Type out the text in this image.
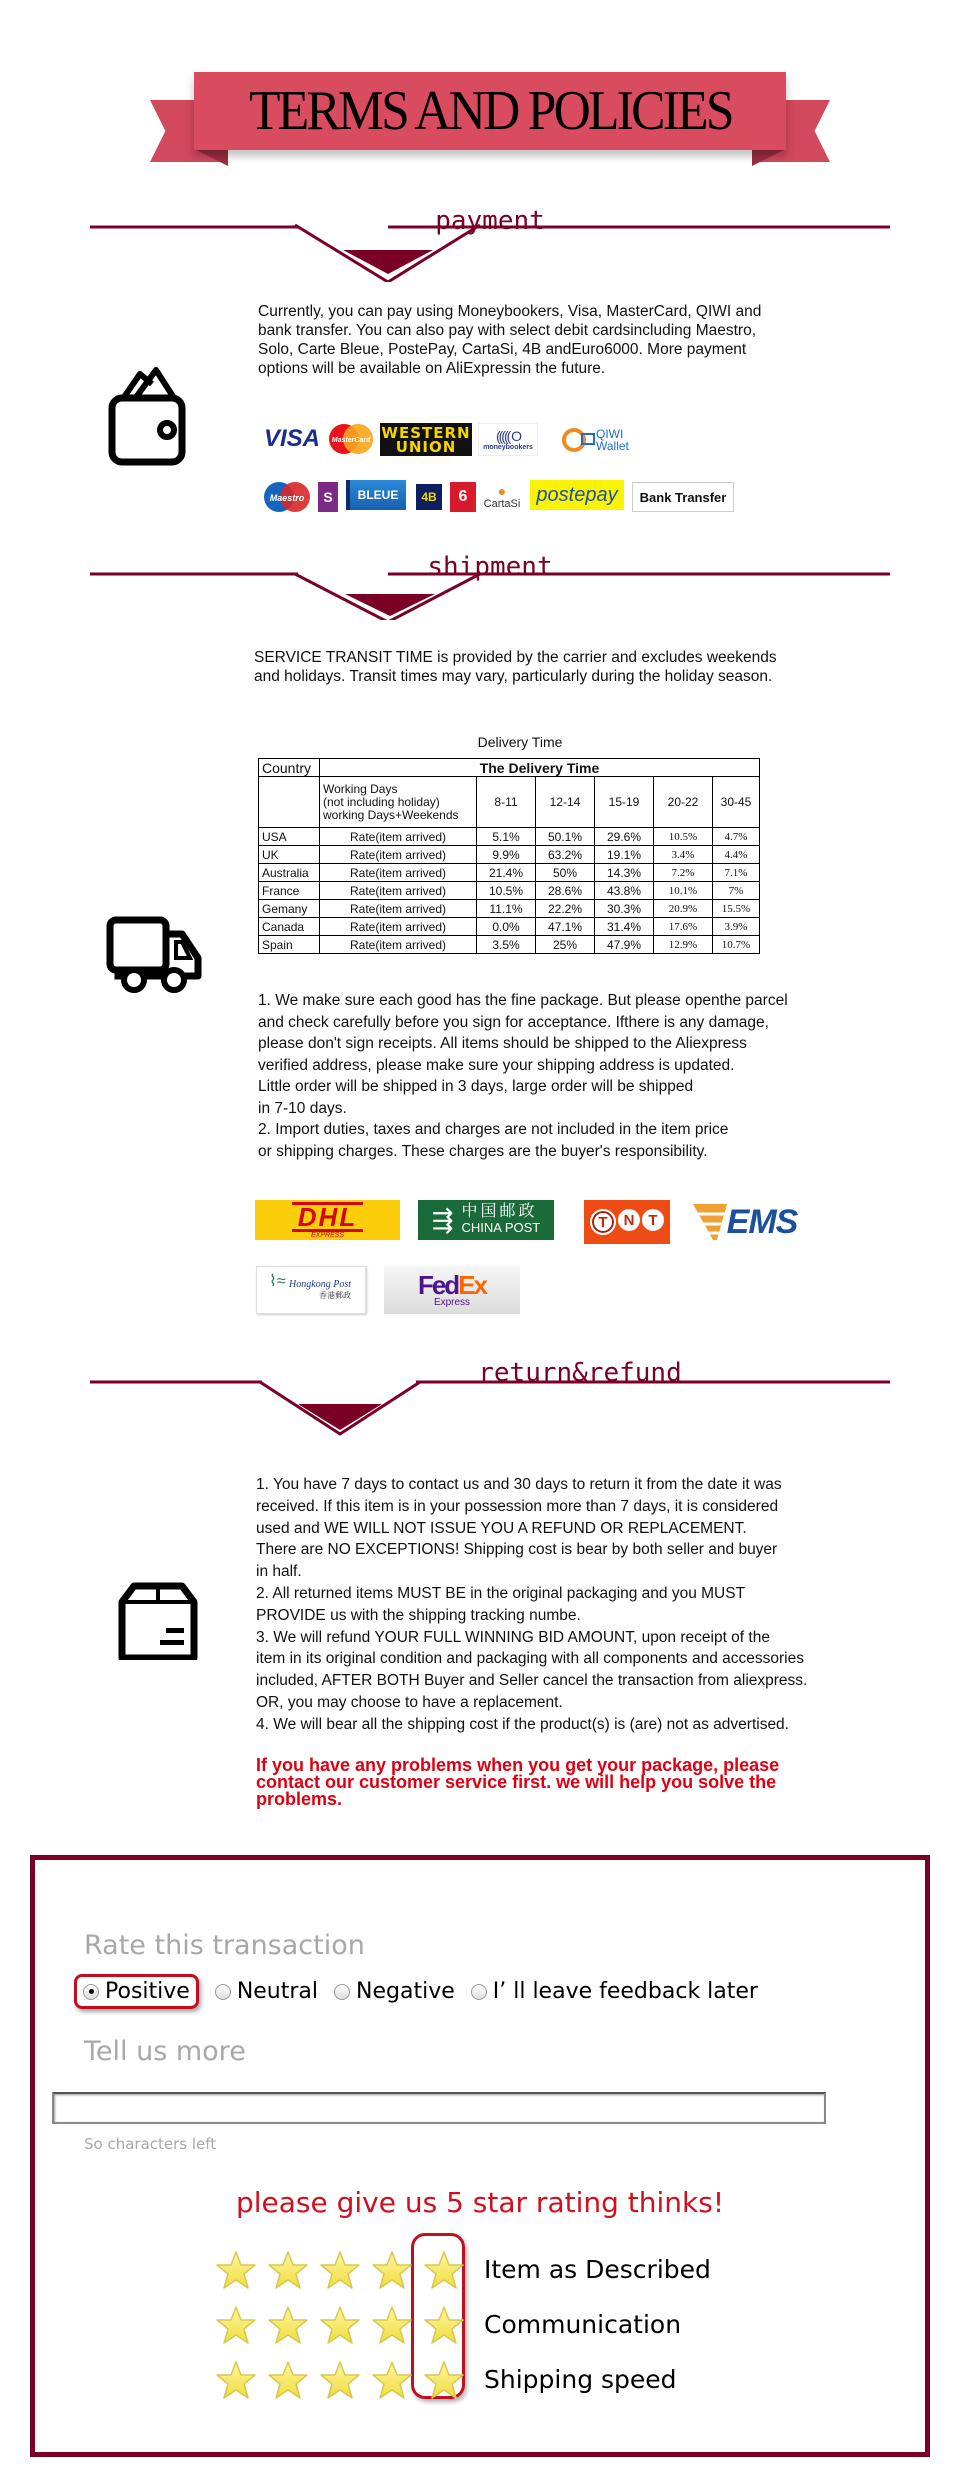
TERMS AND POLICIES
payment
Currently, you can pay using Moneybookers, Visa, MasterCard, QIWI and
bank transfer. You can also pay with select debit cardsincluding Maestro,
Solo, Carte Bleue, PostePay, CartaSi, 4B andEuro6000. More payment
options will be available on AliExpressin the future.
VISA MasterCard WESTERN UNION
((((( O
moneybookers
QIWI Wallet
Maestro	S	BLEUE	4B	6	●
CartaSi postepay	Bank Transfer
shipment
SERVICE TRANSIT TIME is provided by the carrier and excludes weekends
and holidays. Transit times may vary, particularly during the holiday season.
Delivery Time
Country	The Delivery Time					
	Working Days
(not including holiday)
working Days+Weekends	8-11	12-14	15-19	20-22	30-45
USA	Rate(item arrived)	5.1%	50.1%	29.6%	10.5%	4.7%
UK	Rate(item arrived)	9.9%	63.2%	19.1%	3.4%	4.4%
Australia	Rate(item arrived)	21.4%	50%	14.3%	7.2%	7.1%
France	Rate(item arrived)	10.5%	28.6%	43.8%	10.1%	7%
Gemany	Rate(item arrived)	11.1%	22.2%	30.3%	20.9%	15.5%
Canada	Rate(item arrived)	0.0%	47.1%	31.4%	17.6%	3.9%
Spain	Rate(item arrived)	3.5%	25%	47.9%	12.9%	10.7%
1. We make sure each good has the fine package. But please openthe parcel
and check carefully before you sign for acceptance. Ifthere is any damage,
please don't sign receipts. All items should be shipped to the Aliexpress
verified address, please make sure your shipping address is updated.
Little order will be shipped in 3 days, large order will be shipped
in 7-10 days.
2. Import duties, taxes and charges are not included in the item price
or shipping charges. These charges are the buyer's responsibility.
DHL
EXPRESS
⇶ 中国邮政
CHINA POST	T	N T EMS
⌇≈ Hongkong Post
香港郵政	FedEx
Express
return&refund
1. You have 7 days to contact us and 30 days to return it from the date it was
received. If this item is in your possession more than 7 days, it is considered
used and WE WILL NOT ISSUE YOU A REFUND OR REPLACEMENT.
There are NO EXCEPTIONS! Shipping cost is bear by both seller and buyer
in half.
2. All returned items MUST BE in the original packaging and you MUST
PROVIDE us with the shipping tracking numbe.
3. We will refund YOUR FULL WINNING BID AMOUNT, upon receipt of the
item in its original condition and packaging with all components and accessories
included, AFTER BOTH Buyer and Seller cancel the transaction from aliexpress.
OR, you may choose to have a replacement.
4. We will bear all the shipping cost if the product(s) is (are) not as advertised.
If you have any problems when you get your package, please
contact our customer service first. we will help you solve the
problems.
Rate this transaction
Positive Neutral Negative I’ ll leave feedback later
Tell us more
So characters left
please give us 5 star rating thinks!
Item as Described
Communication
Shipping speed
